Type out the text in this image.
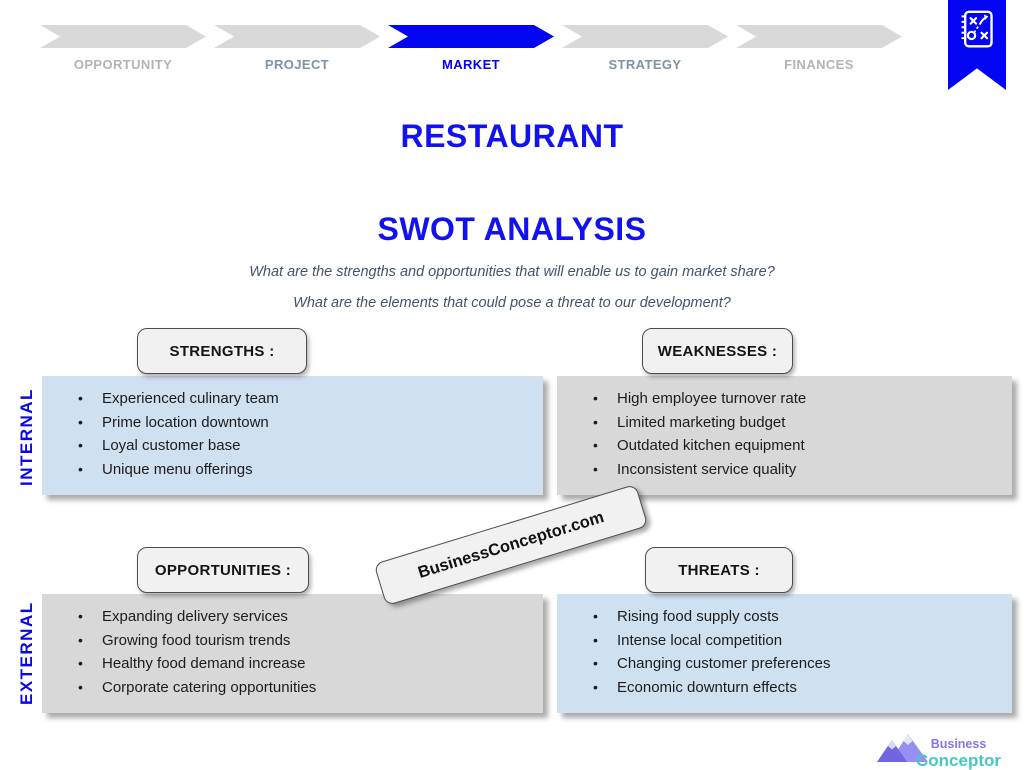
OPPORTUNITY	PROJECT	MARKET	STRATEGY	FINANCES
RESTAURANT
SWOT ANALYSIS
What are the strengths and opportunities that will enable us to gain market share?
What are the elements that could pose a threat to our development?
INTERNAL
EXTERNAL
STRENGTHS :	WEAKNESSES :
OPPORTUNITIES :	THREATS :
• Experienced culinary team
• Prime location downtown
• Loyal customer base
• Unique menu offerings
• High employee turnover rate
• Limited marketing budget
• Outdated kitchen equipment
• Inconsistent service quality
• Expanding delivery services
• Growing food tourism trends
• Healthy food demand increase
• Corporate catering opportunities
• Rising food supply costs
• Intense local competition
• Changing customer preferences
• Economic downturn effects
BusinessConceptor.com
Business
Conceptor
